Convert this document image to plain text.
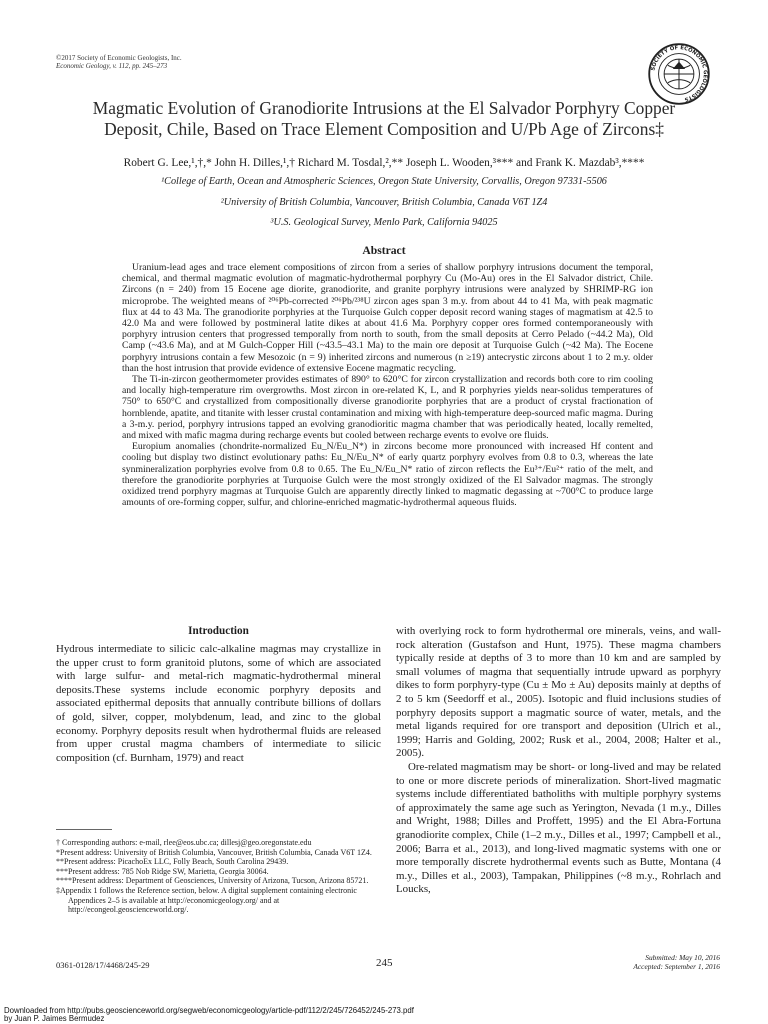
©2017 Society of Economic Geologists, Inc.
Economic Geology, v. 112, pp. 245–273	SOCIETY OF ECONOMIC GEOLOGISTS
Magmatic Evolution of Granodiorite Intrusions at the El Salvador Porphyry Copper
Deposit, Chile, Based on Trace Element Composition and U/Pb Age of Zircons‡
Robert G. Lee,¹,†,* John H. Dilles,¹,† Richard M. Tosdal,²,** Joseph L. Wooden,³*** and Frank K. Mazdab³,****
¹College of Earth, Ocean and Atmospheric Sciences, Oregon State University, Corvallis, Oregon 97331-5506
²University of British Columbia, Vancouver, British Columbia, Canada V6T 1Z4
³U.S. Geological Survey, Menlo Park, California 94025
Abstract

Uranium-lead ages and trace element compositions of zircon from a series of shallow porphyry intrusions document the temporal, chemical, and thermal magmatic evolution of magmatic-hydrothermal porphyry Cu (Mo-Au) ores in the El Salvador district, Chile. Zircons (n = 240) from 15 Eocene age diorite, granodiorite, and granite porphyry intrusions were analyzed by SHRIMP-RG ion microprobe. The weighted means of ²⁰⁶Pb-corrected ²⁰⁶Pb/²³⁸U zircon ages span 3 m.y. from about 44 to 41 Ma, with peak magmatic flux at 44 to 43 Ma. The granodiorite porphyries at the Turquoise Gulch copper deposit record waning stages of magmatism at 42.5 to 42.0 Ma and were followed by postmineral latite dikes at about 41.6 Ma. Porphyry copper ores formed contemporaneously with porphyry intrusion centers that progressed temporally from north to south, from the small deposits at Cerro Pelado (~44.2 Ma), Old Camp (~43.6 Ma), and at M Gulch-Copper Hill (~43.5–43.1 Ma) to the main ore deposit at Turquoise Gulch (~42 Ma). The Eocene porphyry intrusions contain a few Mesozoic (n = 9) inherited zircons and numerous (n ≥19) antecrystic zircons about 1 to 2 m.y. older than the host intrusion that provide evidence of extensive Eocene magmatic recycling.

The Ti-in-zircon geothermometer provides estimates of 890° to 620°C for zircon crystallization and records both core to rim cooling and locally high-temperature rim overgrowths. Most zircon in ore-related K, L, and R porphyries yields near-solidus temperatures of 750° to 650°C and crystallized from compositionally diverse granodiorite porphyries that are a product of crystal fractionation of hornblende, apatite, and titanite with lesser crustal contamination and mixing with high-temperature deep-sourced mafic magma. During a 3-m.y. period, porphyry intrusions tapped an evolving granodioritic magma chamber that was periodically heated, locally remelted, and mixed with mafic magma during recharge events but cooled between recharge events to evolve ore fluids.

Europium anomalies (chondrite-normalized Eu_N/Eu_N*) in zircons become more pronounced with increased Hf content and cooling but display two distinct evolutionary paths: Eu_N/Eu_N* of early quartz porphyry evolves from 0.8 to 0.3, whereas the late synmineralization porphyries evolve from 0.8 to 0.65. The Eu_N/Eu_N* ratio of zircon reflects the Eu³⁺/Eu²⁺ ratio of the melt, and therefore the granodiorite porphyries at Turquoise Gulch were the most strongly oxidized of the El Salvador magmas. The strongly oxidized trend porphyry magmas at Turquoise Gulch are apparently directly linked to magmatic degassing at ~700°C to produce large amounts of ore-forming copper, sulfur, and chlorine-enriched magmatic-hydrothermal aqueous fluids.

Introduction

Hydrous intermediate to silicic calc-alkaline magmas may crystallize in the upper crust to form granitoid plutons, some of which are associated with large sulfur- and metal-rich magmatic-hydrothermal mineral deposits.These systems include economic porphyry deposits and associated epithermal deposits that annually contribute billions of dollars of gold, silver, copper, molybdenum, lead, and zinc to the global economy. Porphyry deposits result when hydrothermal fluids are released from upper crustal magma chambers of intermediate to silicic composition (cf. Burnham, 1979) and react

with overlying rock to form hydrothermal ore minerals, veins, and wall-rock alteration (Gustafson and Hunt, 1975). These magma chambers typically reside at depths of 3 to more than 10 km and are sampled by small volumes of magma that sequentially intrude upward as porphyry dikes to form porphyry-type (Cu ± Mo ± Au) deposits mainly at depths of 2 to 5 km (Seedorff et al., 2005). Isotopic and fluid inclusions studies of porphyry deposits support a magmatic source of water, metals, and the metal ligands required for ore transport and deposition (Ulrich et al., 1999; Harris and Golding, 2002; Rusk et al., 2004, 2008; Halter et al., 2005).

Ore-related magmatism may be short- or long-lived and may be related to one or more discrete periods of mineralization. Short-lived magmatic systems include differentiated batholiths with multiple porphyry systems of approximately the same age such as Yerington, Nevada (1 m.y., Dilles and Wright, 1988; Dilles and Proffett, 1995) and the El Abra-Fortuna granodiorite complex, Chile (1–2 m.y., Dilles et al., 1997; Campbell et al., 2006; Barra et al., 2013), and long-lived magmatic systems with one or more temporally discrete hydrothermal events such as Butte, Montana (4 m.y., Dilles et al., 2003), Tampakan, Philippines (~8 m.y., Rohrlach and Loucks,

† Corresponding authors: e-mail, rlee@eos.ubc.ca; dillesj@geo.oregonstate.edu
*Present address: University of British Columbia, Vancouver, British Columbia, Canada V6T 1Z4.
**Present address: PicachoEx LLC, Folly Beach, South Carolina 29439.
***Present address: 785 Nob Ridge SW, Marietta, Georgia 30064.
****Present address: Department of Geosciences, University of Arizona, Tucson, Arizona 85721.
‡Appendix 1 follows the Reference section, below. A digital supplement containing electronic Appendices 2–5 is available at http://economicgeology.org/ and at http://econgeol.geoscienceworld.org/.
0361-0128/17/4468/245-29	245	Submitted: May 10, 2016
Accepted: September 1, 2016
Downloaded from http://pubs.geoscienceworld.org/segweb/economicgeology/article-pdf/112/2/245/726452/245-273.pdf
by Juan P. Jaimes Bermudez
